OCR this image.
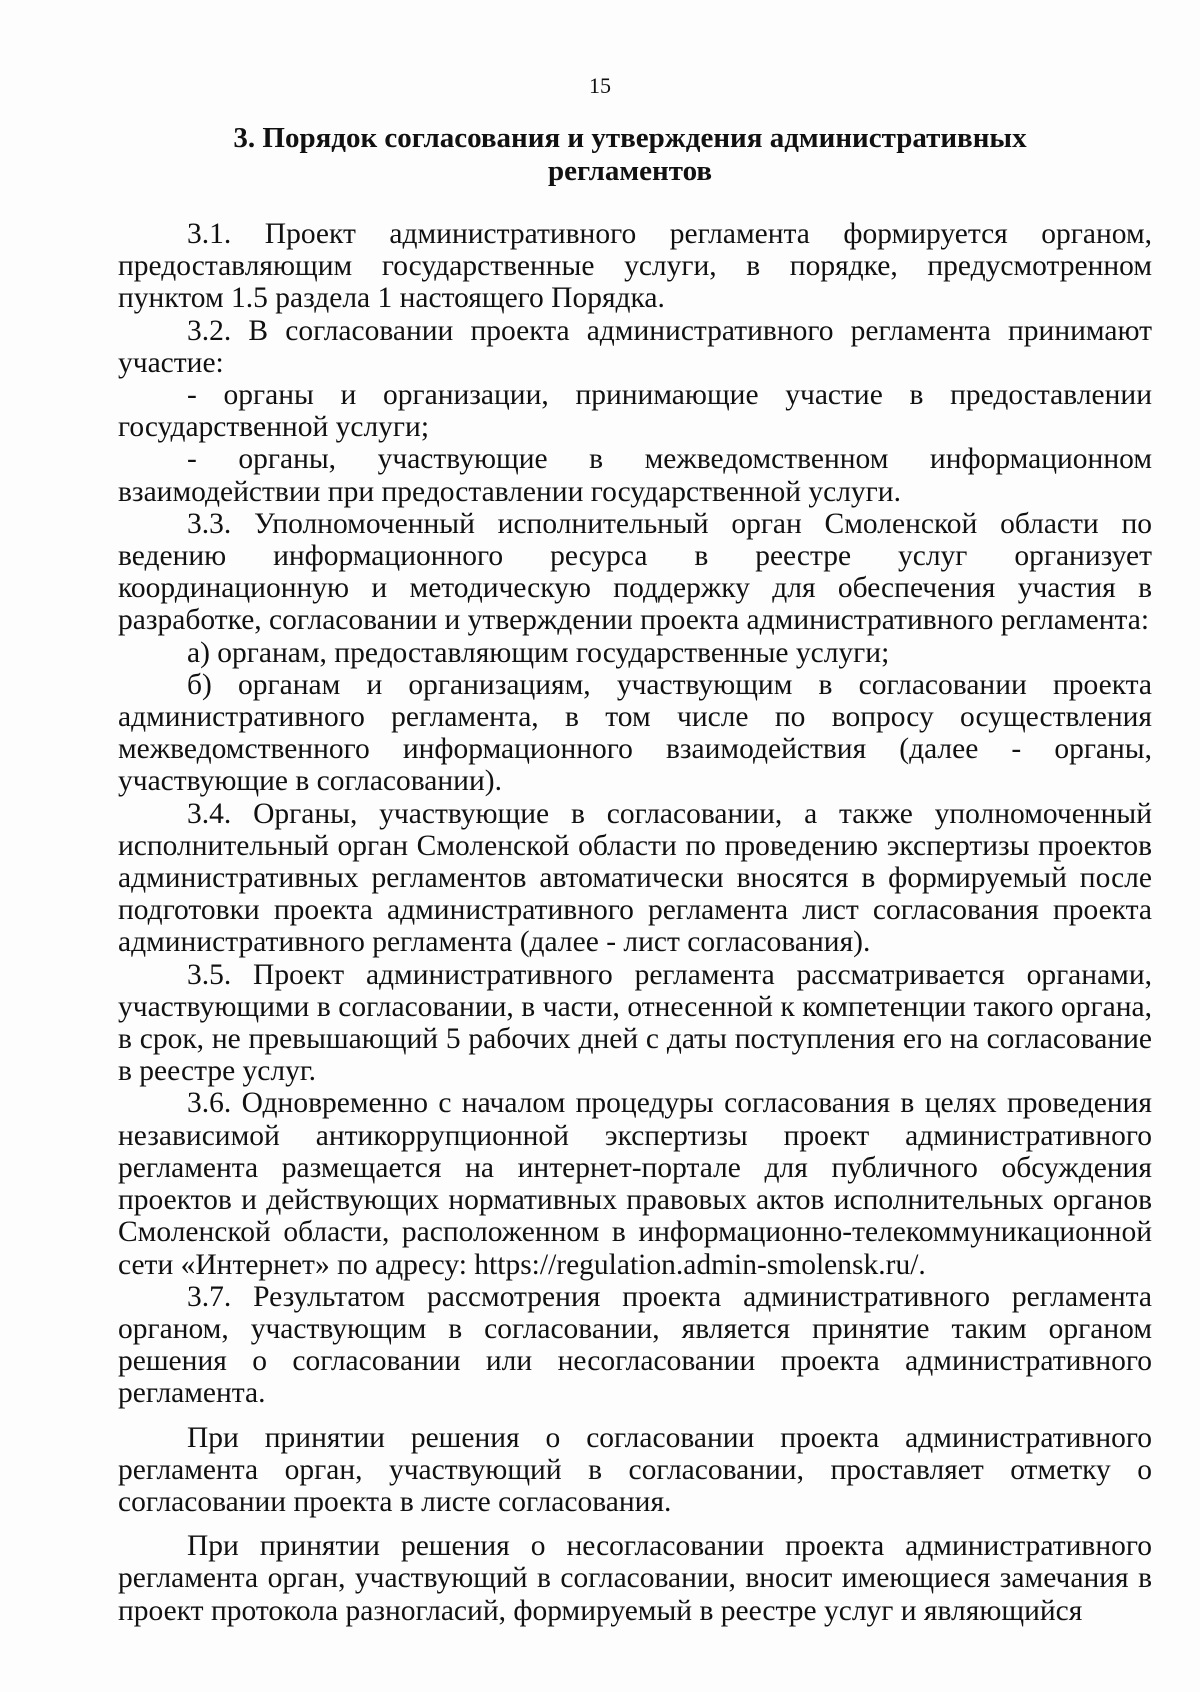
15
3. Порядок согласования и утверждения административных регламентов

3.1. Проект административного регламента формируется органом, предоставляющим государственные услуги, в порядке, предусмотренном пунктом 1.5 раздела 1 настоящего Порядка.

3.2. В согласовании проекта административного регламента принимают участие:

- органы и организации, принимающие участие в предоставлении государственной услуги;

- органы, участвующие в межведомственном информационном взаимодействии при предоставлении государственной услуги.

3.3. Уполномоченный исполнительный орган Смоленской области по ведению информационного ресурса в реестре услуг организует координационную и методическую поддержку для обеспечения участия в разработке, согласовании и утверждении проекта административного регламента:

а) органам, предоставляющим государственные услуги;

б) органам и организациям, участвующим в согласовании проекта административного регламента, в том числе по вопросу осуществления межведомственного информационного взаимодействия (далее - органы, участвующие в согласовании).

3.4. Органы, участвующие в согласовании, а также уполномоченный исполнительный орган Смоленской области по проведению экспертизы проектов административных регламентов автоматически вносятся в формируемый после подготовки проекта административного регламента лист согласования проекта административного регламента (далее - лист согласования).

3.5. Проект административного регламента рассматривается органами, участвующими в согласовании, в части, отнесенной к компетенции такого органа, в срок, не превышающий 5 рабочих дней с даты поступления его на согласование в реестре услуг.

3.6. Одновременно с началом процедуры согласования в целях проведения независимой антикоррупционной экспертизы проект административного регламента размещается на интернет-портале для публичного обсуждения проектов и действующих нормативных правовых актов исполнительных органов Смоленской области, расположенном в информационно-телекоммуникационной сети «Интернет» по адресу: https://regulation.admin-smolensk.ru/.

3.7. Результатом рассмотрения проекта административного регламента органом, участвующим в согласовании, является принятие таким органом решения о согласовании или несогласовании проекта административного регламента.

При принятии решения о согласовании проекта административного регламента орган, участвующий в согласовании, проставляет отметку о согласовании проекта в листе согласования.

При принятии решения о несогласовании проекта административного регламента орган, участвующий в согласовании, вносит имеющиеся замечания в проект протокола разногласий, формируемый в реестре услуг и являющийся
